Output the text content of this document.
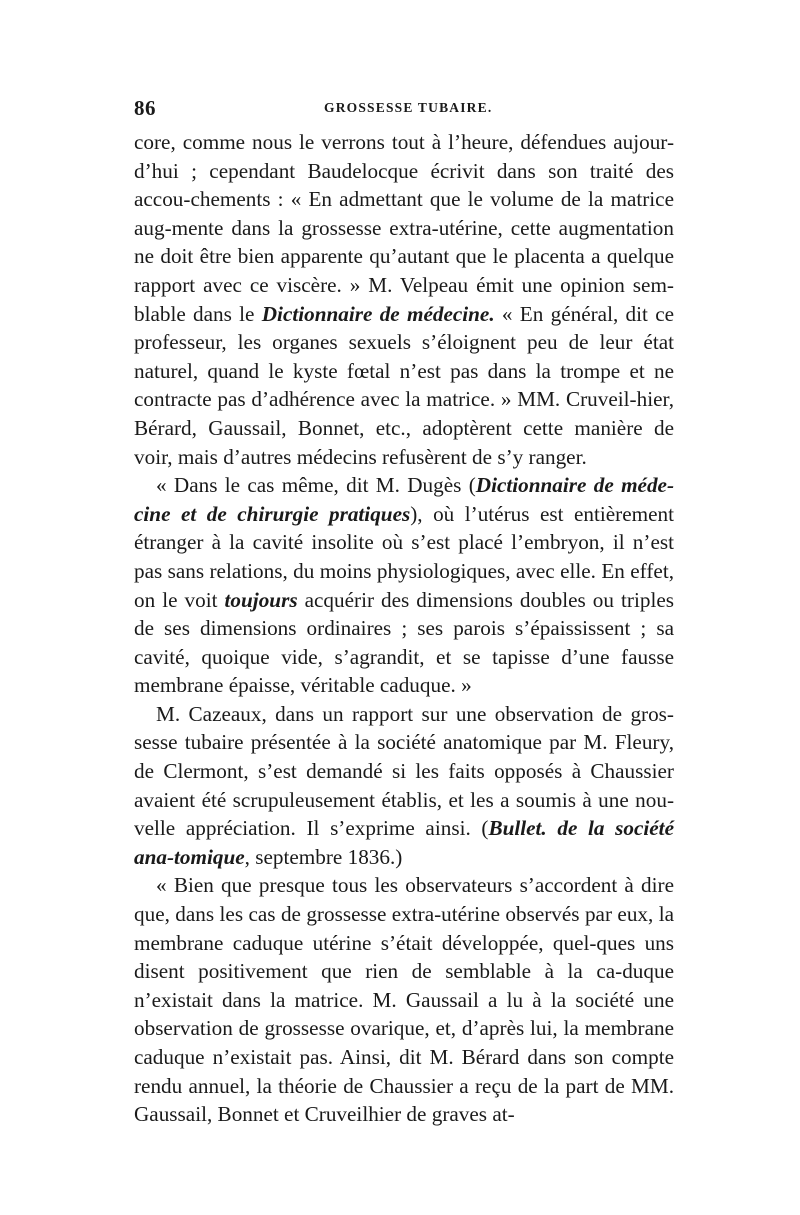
86	GROSSESSE TUBAIRE.

core, comme nous le verrons tout à l’heure, défendues aujour-d’hui ; cependant Baudelocque écrivit dans son traité des accou-chements : « En admettant que le volume de la matrice aug-mente dans la grossesse extra-utérine, cette augmentation ne doit être bien apparente qu’autant que le placenta a quelque rapport avec ce viscère. » M. Velpeau émit une opinion sem-blable dans le Dictionnaire de médecine. « En général, dit ce professeur, les organes sexuels s’éloignent peu de leur état naturel, quand le kyste fœtal n’est pas dans la trompe et ne contracte pas d’adhérence avec la matrice. » MM. Cruveil-hier, Bérard, Gaussail, Bonnet, etc., adoptèrent cette manière de voir, mais d’autres médecins refusèrent de s’y ranger.

« Dans le cas même, dit M. Dugès (Dictionnaire de méde-cine et de chirurgie pratiques), où l’utérus est entièrement étranger à la cavité insolite où s’est placé l’embryon, il n’est pas sans relations, du moins physiologiques, avec elle. En effet, on le voit toujours acquérir des dimensions doubles ou triples de ses dimensions ordinaires ; ses parois s’épaississent ; sa cavité, quoique vide, s’agrandit, et se tapisse d’une fausse membrane épaisse, véritable caduque. »

M. Cazeaux, dans un rapport sur une observation de gros-sesse tubaire présentée à la société anatomique par M. Fleury, de Clermont, s’est demandé si les faits opposés à Chaussier avaient été scrupuleusement établis, et les a soumis à une nou-velle appréciation. Il s’exprime ainsi. (Bullet. de la société ana-tomique, septembre 1836.)

« Bien que presque tous les observateurs s’accordent à dire que, dans les cas de grossesse extra-utérine observés par eux, la membrane caduque utérine s’était développée, quel-ques uns disent positivement que rien de semblable à la ca-duque n’existait dans la matrice. M. Gaussail a lu à la société une observation de grossesse ovarique, et, d’après lui, la membrane caduque n’existait pas. Ainsi, dit M. Bérard dans son compte rendu annuel, la théorie de Chaussier a reçu de la part de MM. Gaussail, Bonnet et Cruveilhier de graves at-
